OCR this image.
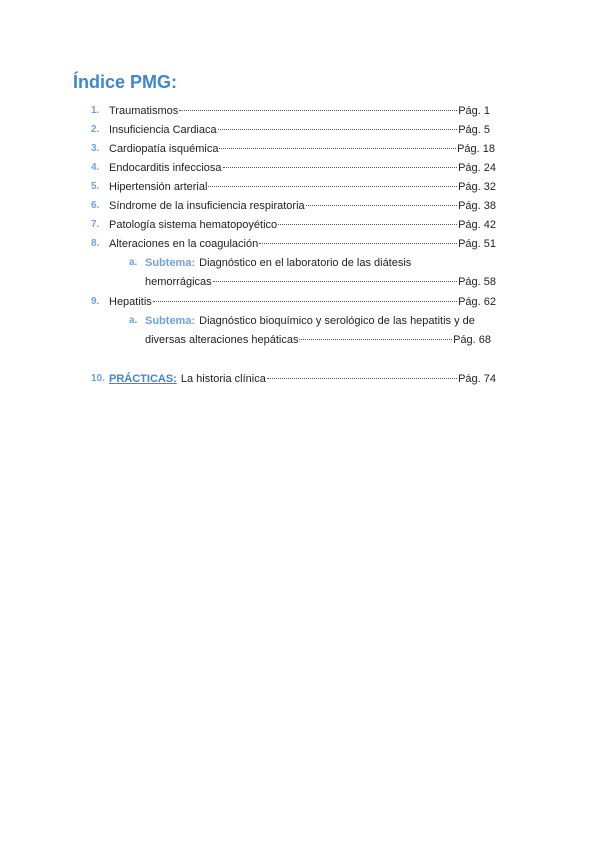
Índice PMG:
1. Traumatismos	Pág. 1
2. Insuficiencia Cardiaca	Pág. 5
3. Cardiopatía isquémica	Pág. 18
4. Endocarditis infecciosa	Pág. 24
5. Hipertensión arterial	Pág. 32
6. Síndrome de la insuficiencia respiratoria	Pág. 38
7. Patología sistema hematopoyético	Pág. 42
8. Alteraciones en la coagulación	Pág. 51
a. Subtema: Diagnóstico en el laboratorio de las diátesis
hemorrágicas	Pág. 58
9. Hepatitis	Pág. 62
a. Subtema: Diagnóstico bioquímico y serológico de las hepatitis y de
diversas alteraciones hepáticas	Pág. 68
10. PRÁCTICAS: La historia clínica	Pág. 74
